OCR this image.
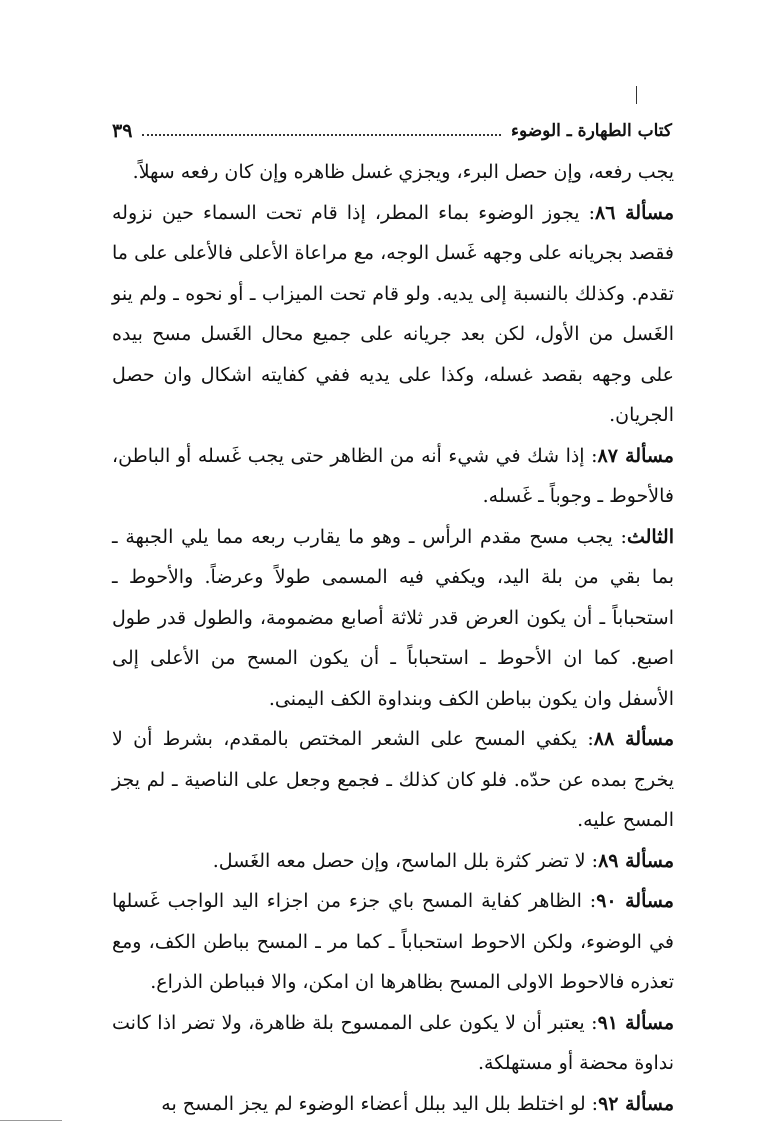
كتاب الطهارة ـ الوضوء
٣٩

يجب رفعه، وإن حصل البرء، ويجزي غسل ظاهره وإن كان رفعه سهلاً.

مسألة ٨٦: يجوز الوضوء بماء المطر، إذا قام تحت السماء حين نزوله فقصد بجريانه على وجهه غَسل الوجه، مع مراعاة الأعلى فالأعلى على ما تقدم. وكذلك بالنسبة إلى يديه. ولو قام تحت الميزاب ـ أو نحوه ـ ولم ينو الغَسل من الأول، لكن بعد جريانه على جميع محال الغَسل مسح بيده على وجهه بقصد غسله، وكذا على يديه ففي كفايته اشكال وان حصل الجريان.

مسألة ٨٧: إذا شك في شيء أنه من الظاهر حتى يجب غَسله أو الباطن، فالأحوط ـ وجوباً ـ غَسله.

الثالث: يجب مسح مقدم الرأس ـ وهو ما يقارب ربعه مما يلي الجبهة ـ بما بقي من بلة اليد، ويكفي فيه المسمى طولاً وعرضاً. والأحوط ـ استحباباً ـ أن يكون العرض قدر ثلاثة أصابع مضمومة، والطول قدر طول اصبع. كما ان الأحوط ـ استحباباً ـ أن يكون المسح من الأعلى إلى الأسفل وان يكون بباطن الكف وبنداوة الكف اليمنى.

مسألة ٨٨: يكفي المسح على الشعر المختص بالمقدم، بشرط أن لا يخرج بمده عن حدّه. فلو كان كذلك ـ فجمع وجعل على الناصية ـ لم يجز المسح عليه.

مسألة ٨٩: لا تضر كثرة بلل الماسح، وإن حصل معه الغَسل.

مسألة ٩٠: الظاهر كفاية المسح باي جزء من اجزاء اليد الواجب غَسلها في الوضوء، ولكن الاحوط استحباباً ـ كما مر ـ المسح بباطن الكف، ومع تعذره فالاحوط الاولى المسح بظاهرها ان امكن، والا فبباطن الذراع.

مسألة ٩١: يعتبر أن لا يكون على الممسوح بلة ظاهرة، ولا تضر اذا كانت نداوة محضة أو مستهلكة.

مسألة ٩٢: لو اختلط بلل اليد ببلل أعضاء الوضوء لم يجز المسح به
